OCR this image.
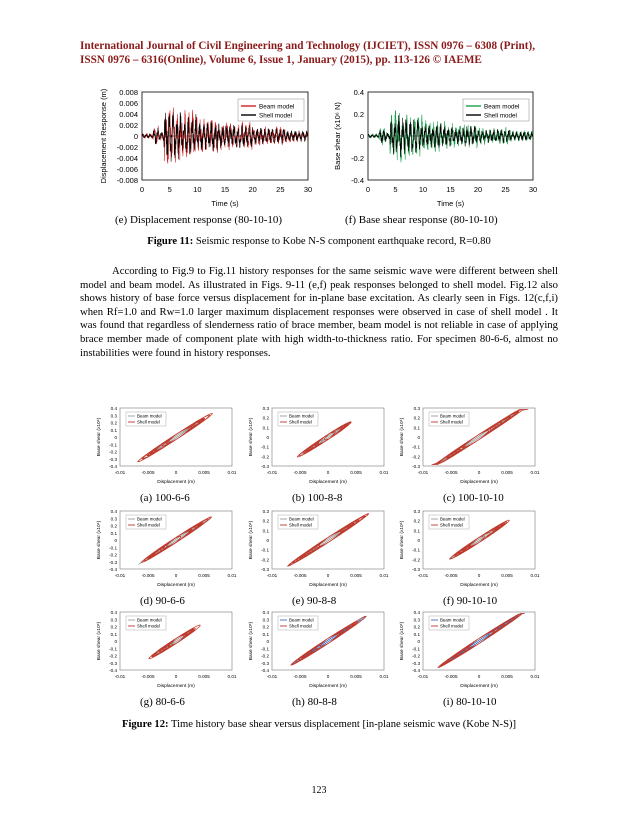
International Journal of Civil Engineering and Technology (IJCIET), ISSN 0976 – 6308 (Print),
ISSN 0976 – 6316(Online), Volume 6, Issue 1, January (2015), pp. 113-126 © IAEME
0.008
0.006
0.004
0.002
0
-0.002
-0.004
-0.006
-0.008
0	5	10	15	20	25	30
Time (s)
Displacement Response (m)	Beam model
Shell model
0.4
0.2
0
-0.2
-0.4
0	5	10	15	20	25	30
Time (s)
Base shear (x10⁶ N)	Beam model
Shell model
(e) Displacement response (80-10-10)	(f) Base shear response (80-10-10)
Figure 11: Seismic response to Kobe N-S component earthquake record, R=0.80

According to Fig.9 to Fig.11 history responses for the same seismic wave were different between shell model and beam model. As illustrated in Figs. 9-11 (e,f) peak responses belonged to shell model. Fig.12 also shows history of base force versus displacement for in-plane base excitation. As clearly seen in Figs. 12(c,f,i) when Rf=1.0 and Rw=1.0 larger maximum displacement responses were observed in case of shell model . It was found that regardless of slenderness ratio of brace member, beam model is not reliable in case of applying brace member made of component plate with high width-to-thickness ratio. For specimen 80-6-6, almost no instabilities were found in history responses.

-0.4
-0.3
-0.2
-0.1
0
0.1
0.2
0.3
0.4
-0.01	-0.005	0	0.005	0.01
Displacement (m)
Base shear (x10⁶)
Beam model
Shell model
(a) 100-6-6
-0.3
-0.2
-0.1
0
0.1
0.2
0.3
-0.01	-0.005	0	0.005	0.01
Displacement (m)
Base shear (x10⁶)
Beam model
Shell model
(b) 100-8-8
-0.3
-0.2
-0.1
0
0.1
0.2
0.3
-0.01	-0.005	0	0.005	0.01
Displacement (m)
Base shear (x10⁶)
Beam model
Shell model
(c) 100-10-10
-0.4
-0.3
-0.2
-0.1
0
0.1
0.2
0.3
0.4
-0.01	-0.005	0	0.005	0.01
Displacement (m)
Base shear (x10⁶)
Beam model
Shell model
(d) 90-6-6
-0.3
-0.2
-0.1
0
0.1
0.2
0.3
-0.01	-0.005	0	0.005	0.01
Displacement (m)
Base shear (x10⁶)
Beam model
Shell model
(e) 90-8-8
-0.3
-0.2
-0.1
0
0.1
0.2
0.3
-0.01	-0.005	0	0.005	0.01
Displacement (m)
Base shear (x10⁶)
Beam model
Shell model
(f) 90-10-10
-0.4
-0.3
-0.2
-0.1
0
0.1
0.2
0.3
0.4
-0.01	-0.005	0	0.005	0.01
Displacement (m)
Base shear (x10⁶)
Beam model
Shell model
(g) 80-6-6
-0.4
-0.3
-0.2
-0.1
0
0.1
0.2
0.3
0.4
-0.01	-0.005	0	0.005	0.01
Displacement (m)
Base shear (x10⁶)
Beam model
Shell model
(h) 80-8-8
-0.4
-0.3
-0.2
-0.1
0
0.1
0.2
0.3
0.4
-0.01	-0.005	0	0.005	0.01
Displacement (m)
Base shear (x10⁶)
Beam model
Shell model
(i) 80-10-10
Figure 12: Time history base shear versus displacement [in-plane seismic wave (Kobe N-S)]
123
